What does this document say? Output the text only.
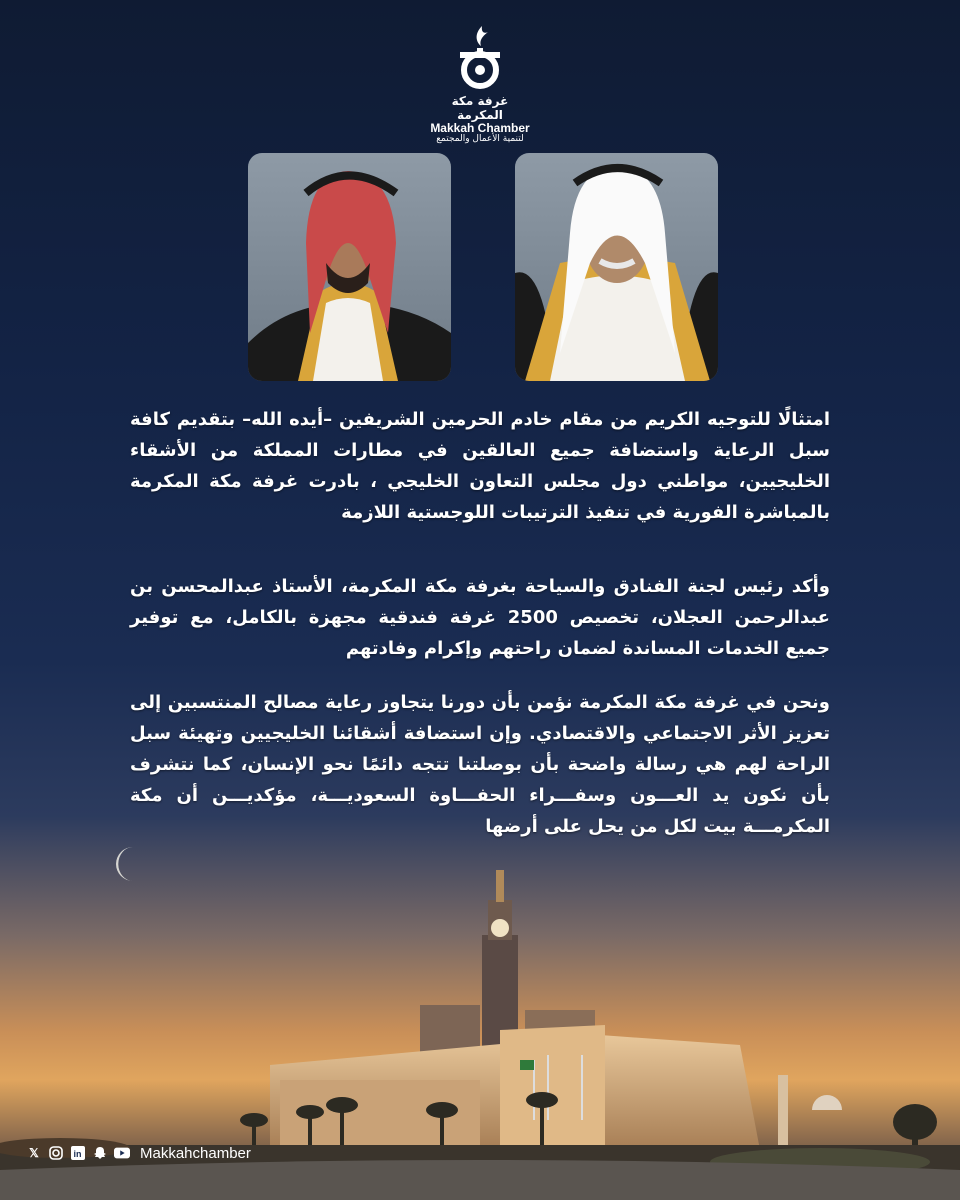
غرفة مكة المكرمة
Makkah Chamber
لتنمية الأعمال والمجتمع
امتثالًا للتوجيه الكريم من مقام خادم الحرمين الشريفين –أيده الله– بتقديم كافة سبل الرعاية واستضافة جميع العالقين في مطارات المملكة من الأشقاء الخليجيين، مواطني دول مجلس التعاون الخليجي ، بادرت غرفة مكة المكرمة بالمباشرة الفورية في تنفيذ الترتيبات اللوجستية اللازمة
وأكد رئيس لجنة الفنادق والسياحة بغرفة مكة المكرمة، الأستاذ عبدالمحسن بن عبدالرحمن العجلان، تخصيص 2500 غرفة فندقية مجهزة بالكامل، مع توفير جميع الخدمات المساندة لضمان راحتهم وإكرام وفادتهم
ونحن في غرفة مكة المكرمة نؤمن بأن دورنا يتجاوز رعاية مصالح المنتسبين إلى تعزيز الأثر الاجتماعي والاقتصادي. وإن استضافة أشقائنا الخليجيين وتهيئة سبل الراحة لهم هي رسالة واضحة بأن بوصلتنا تتجه دائمًا نحو الإنسان، كما نتشرف بأن نكون يد العـــون وسفـــراء الحفـــاوة السعوديـــة، مؤكديـــن أن مكة المكرمـــة بيت لكل من يحل على أرضها
𝕏	in	Makkahchamber
